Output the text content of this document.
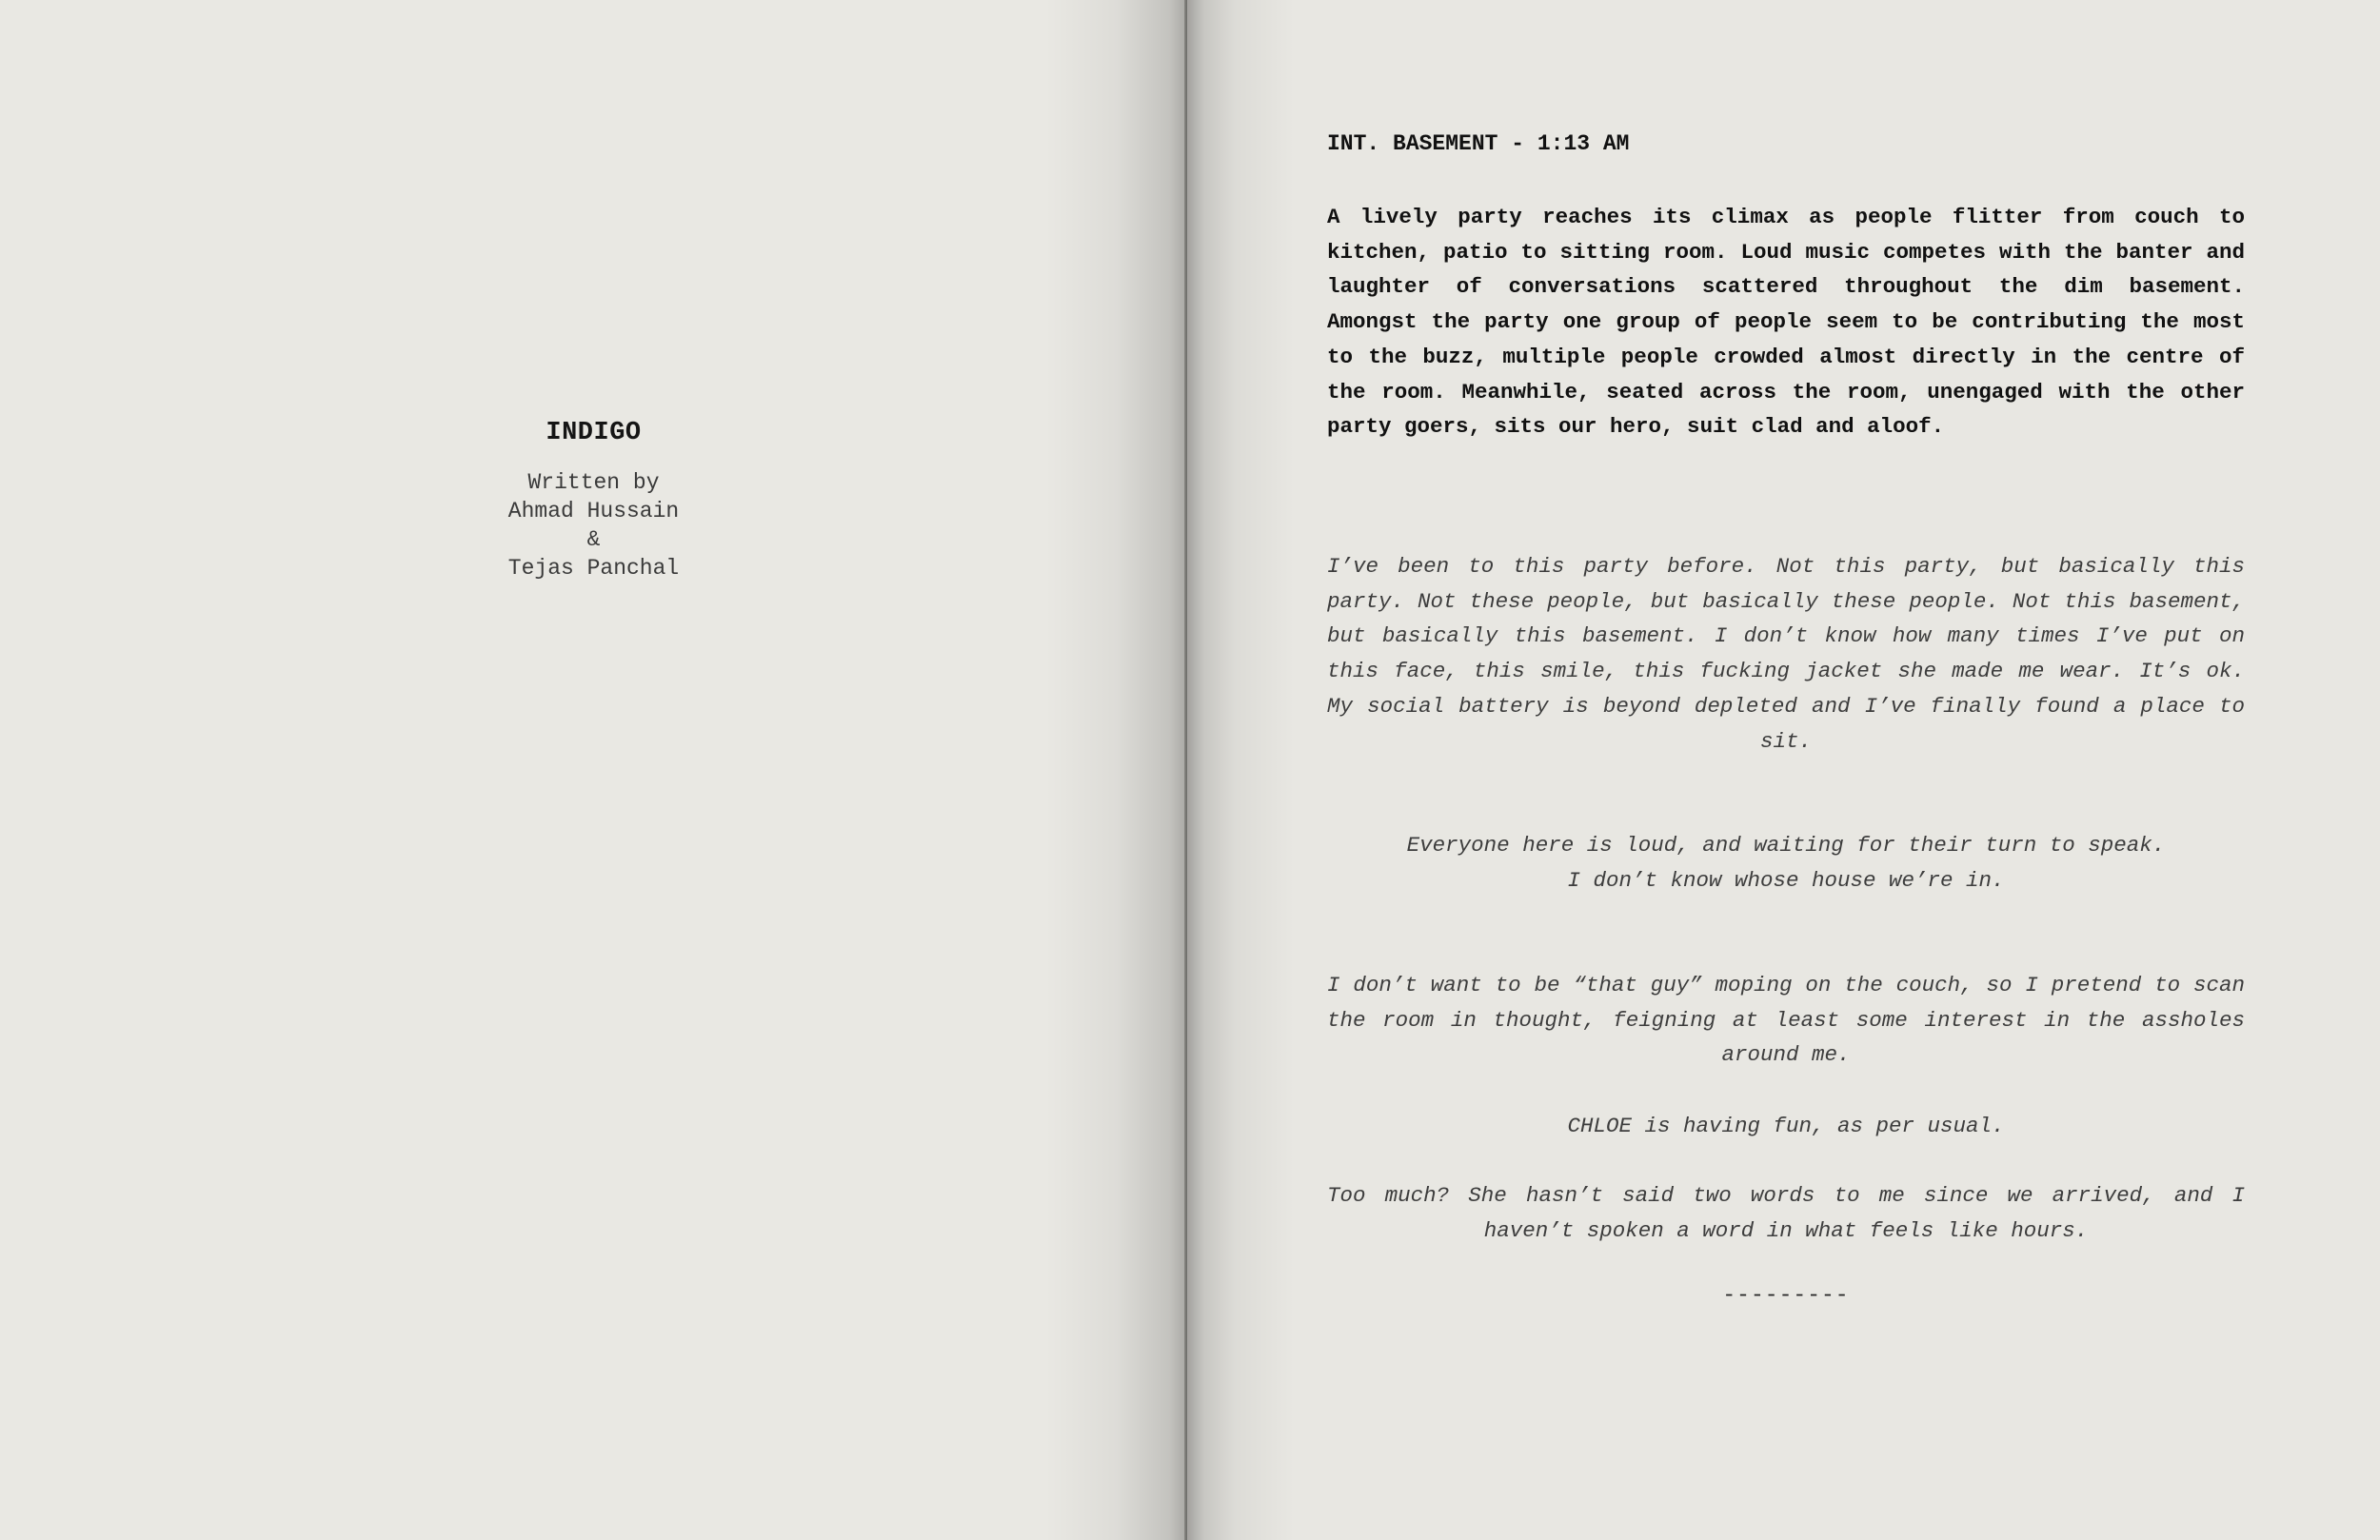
INDIGO
Written by
Ahmad Hussain
&
Tejas Panchal
INT. BASEMENT - 1:13 AM

A lively party reaches its climax as people flitter from couch to kitchen, patio to sitting room. Loud music competes with the banter and laughter of conversations scattered throughout the dim basement. Amongst the party one group of people seem to be contributing the most to the buzz, multiple people crowded almost directly in the centre of the room. Meanwhile, seated across the room, unengaged with the other party goers, sits our hero, suit clad and aloof.

I’ve been to this party before. Not this party, but basically this party. Not these people, but basically these people. Not this basement, but basically this basement. I don’t know how many times I’ve put on this face, this smile, this fucking jacket she made me wear. It’s ok. My social battery is beyond depleted and I’ve finally found a place to sit.

Everyone here is loud, and waiting for their turn to speak.
I don’t know whose house we’re in.

I don’t want to be “that guy” moping on the couch, so I pretend to scan the room in thought, feigning at least some interest in the assholes around me.

CHLOE is having fun, as per usual.

Too much? She hasn’t said two words to me since we arrived, and I haven’t spoken a word in what feels like hours.

---------
